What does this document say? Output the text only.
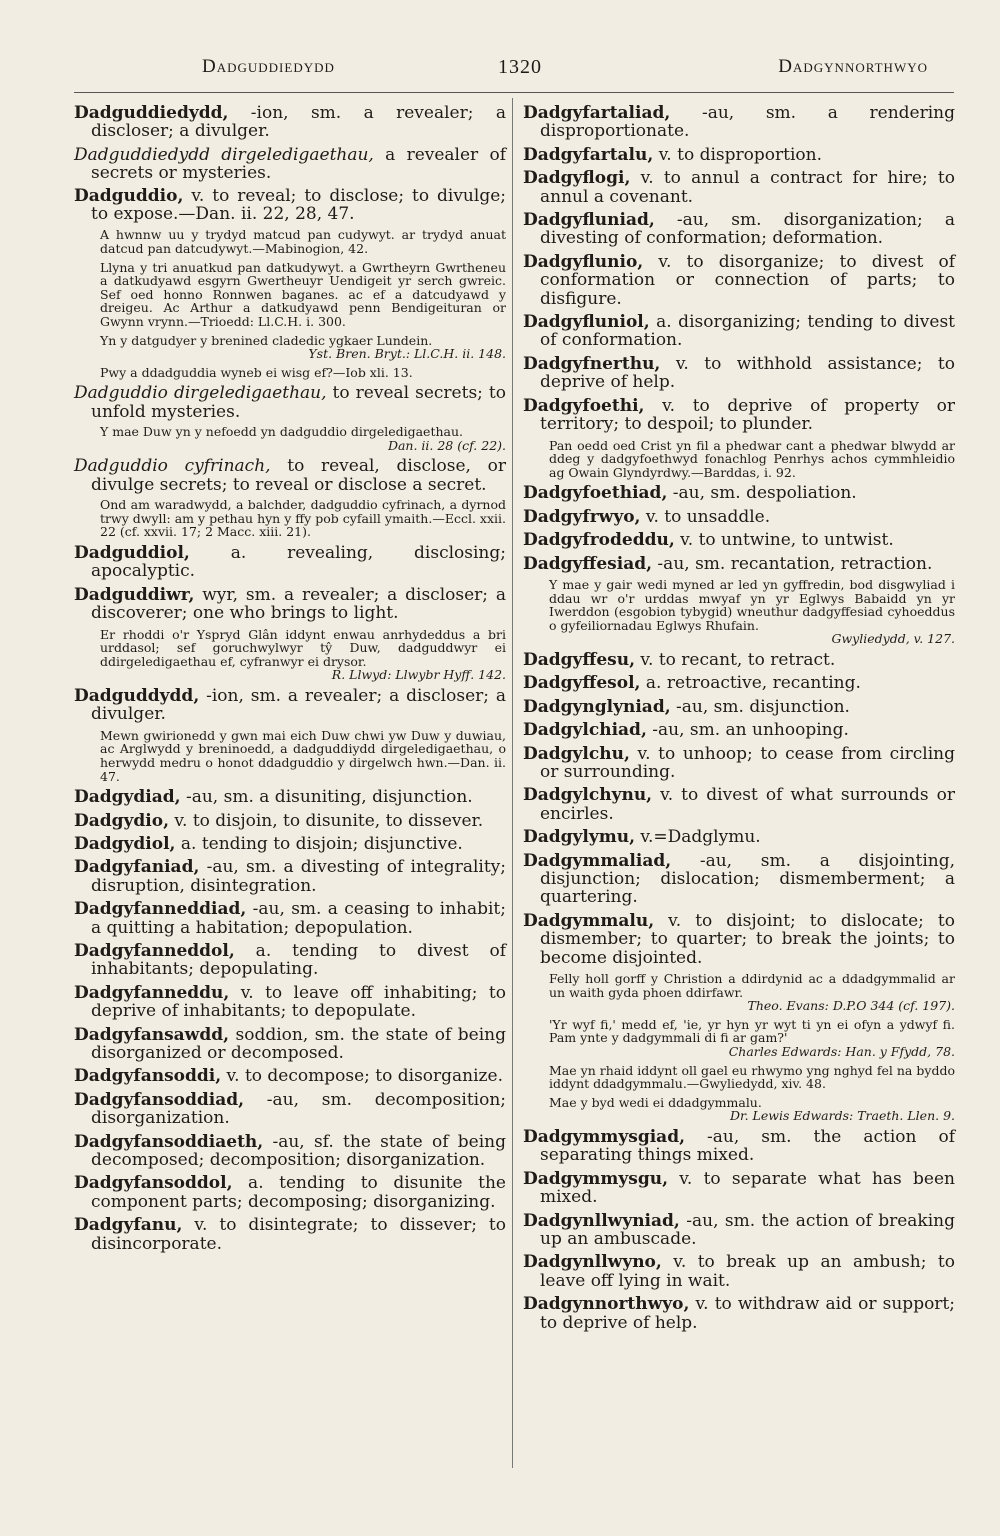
Dadguddiedydd	1320	Dadgynnorthwyo
Dadguddiedydd, -ion, sm. a revealer; a discloser; a divulger.
Dadguddiedydd dirgeledigaethau, a revealer of secrets or mysteries.
Dadguddio, v. to reveal; to disclose; to divulge; to expose.—Dan. ii. 22, 28, 47.
A hwnnw uu y trydyd matcud pan cudywyt. ar trydyd anuat datcud pan datcudywyt.—Mabinogion, 42.
Llyna y tri anuatkud pan datkudywyt. a Gwrtheyrn Gwrtheneu a datkudyawd esgyrn Gwertheuyr Uendigeit yr serch gwreic. Sef oed honno Ronnwen baganes. ac ef a datcudyawd y dreigeu. Ac Arthur a datkudyawd penn Bendigeituran or Gwynn vrynn.—Trioedd: Ll.C.H. i. 300.
Yn y datgudyer y brenined cladedic ygkaer Lundein.
Yst. Bren. Bryt.: Ll.C.H. ii. 148.
Pwy a ddadguddia wyneb ei wisg ef?—Iob xli. 13.
Dadguddio dirgeledigaethau, to reveal secrets; to unfold mysteries.
Y mae Duw yn y nefoedd yn dadguddio dirgeledigaethau.
Dan. ii. 28 (cf. 22).
Dadguddio cyfrinach, to reveal, disclose, or divulge secrets; to reveal or disclose a secret.
Ond am waradwydd, a balchder, dadguddio cyfrinach, a dyrnod trwy dwyll: am y pethau hyn y ffy pob cyfaill ymaith.—Eccl. xxii. 22 (cf. xxvii. 17; 2 Macc. xiii. 21).
Dadguddiol, a. revealing, disclosing; apocalyptic.
Dadguddiwr, wyr, sm. a revealer; a discloser; a discoverer; one who brings to light.
Er rhoddi o'r Yspryd Glân iddynt enwau anrhydeddus a bri urddasol; sef goruchwylwyr tŷ Duw, dadguddwyr ei ddirgeledigaethau ef, cyfranwyr ei drysor.
R. Llwyd: Llwybr Hyff. 142.
Dadguddydd, -ion, sm. a revealer; a discloser; a divulger.
Mewn gwirionedd y gwn mai eich Duw chwi yw Duw y duwiau, ac Arglwydd y breninoedd, a dadguddiydd dirgeledigaethau, o herwydd medru o honot ddadguddio y dirgelwch hwn.—Dan. ii. 47.
Dadgydiad, -au, sm. a disuniting, disjunction.
Dadgydio, v. to disjoin, to disunite, to dissever.
Dadgydiol, a. tending to disjoin; disjunctive.
Dadgyfaniad, -au, sm. a divesting of integrality; disruption, disintegration.
Dadgyfanneddiad, -au, sm. a ceasing to inhabit; a quitting a habitation; depopulation.
Dadgyfanneddol, a. tending to divest of inhabitants; depopulating.
Dadgyfanneddu, v. to leave off inhabiting; to deprive of inhabitants; to depopulate.
Dadgyfansawdd, soddion, sm. the state of being disorganized or decomposed.
Dadgyfansoddi, v. to decompose; to disorganize.
Dadgyfansoddiad, -au, sm. decomposition; disorganization.
Dadgyfansoddiaeth, -au, sf. the state of being decomposed; decomposition; disorganization.
Dadgyfansoddol, a. tending to disunite the component parts; decomposing; disorganizing.
Dadgyfanu, v. to disintegrate; to dissever; to disincorporate.
Dadgyfartaliad, -au, sm. a rendering disproportionate.
Dadgyfartalu, v. to disproportion.
Dadgyflogi, v. to annul a contract for hire; to annul a covenant.
Dadgyfluniad, -au, sm. disorganization; a divesting of conformation; deformation.
Dadgyflunio, v. to disorganize; to divest of conformation or connection of parts; to disfigure.
Dadgyfluniol, a. disorganizing; tending to divest of conformation.
Dadgyfnerthu, v. to withhold assistance; to deprive of help.
Dadgyfoethi, v. to deprive of property or territory; to despoil; to plunder.
Pan oedd oed Crist yn fil a phedwar cant a phedwar blwydd ar ddeg y dadgyfoethwyd fonachlog Penrhys achos cymmhleidio ag Owain Glyndyrdwy.—Barddas, i. 92.
Dadgyfoethiad, -au, sm. despoliation.
Dadgyfrwyo, v. to unsaddle.
Dadgyfrodeddu, v. to untwine, to untwist.
Dadgyffesiad, -au, sm. recantation, retraction.
Y mae y gair wedi myned ar led yn gyffredin, bod disgwyliad i ddau wr o'r urddas mwyaf yn yr Eglwys Babaidd yn yr Iwerddon (esgobion tybygid) wneuthur dadgyffesiad cyhoeddus o gyfeiliornadau Eglwys Rhufain.
Gwyliedydd, v. 127.
Dadgyffesu, v. to recant, to retract.
Dadgyffesol, a. retroactive, recanting.
Dadgynglyniad, -au, sm. disjunction.
Dadgylchiad, -au, sm. an unhooping.
Dadgylchu, v. to unhoop; to cease from circling or surrounding.
Dadgylchynu, v. to divest of what surrounds or encirles.
Dadgylymu, v.=Dadglymu.
Dadgymmaliad, -au, sm. a disjointing, disjunction; dislocation; dismemberment; a quartering.
Dadgymmalu, v. to disjoint; to dislocate; to dismember; to quarter; to break the joints; to become disjointed.
Felly holl gorff y Christion a ddirdynid ac a ddadgymmalid ar un waith gyda phoen ddirfawr.
Theo. Evans: D.P.O 344 (cf. 197).
'Yr wyf fi,' medd ef, 'ie, yr hyn yr wyt ti yn ei ofyn a ydwyf fi. Pam ynte y dadgymmali di fi ar gam?'
Charles Edwards: Han. y Ffydd, 78.
Mae yn rhaid iddynt oll gael eu rhwymo yng nghyd fel na byddo iddynt ddadgymmalu.—Gwyliedydd, xiv. 48.
Mae y byd wedi ei ddadgymmalu.
Dr. Lewis Edwards: Traeth. Llen. 9.
Dadgymmysgiad, -au, sm. the action of separating things mixed.
Dadgymmysgu, v. to separate what has been mixed.
Dadgynllwyniad, -au, sm. the action of breaking up an ambuscade.
Dadgynllwyno, v. to break up an ambush; to leave off lying in wait.
Dadgynnorthwyo, v. to withdraw aid or support; to deprive of help.
